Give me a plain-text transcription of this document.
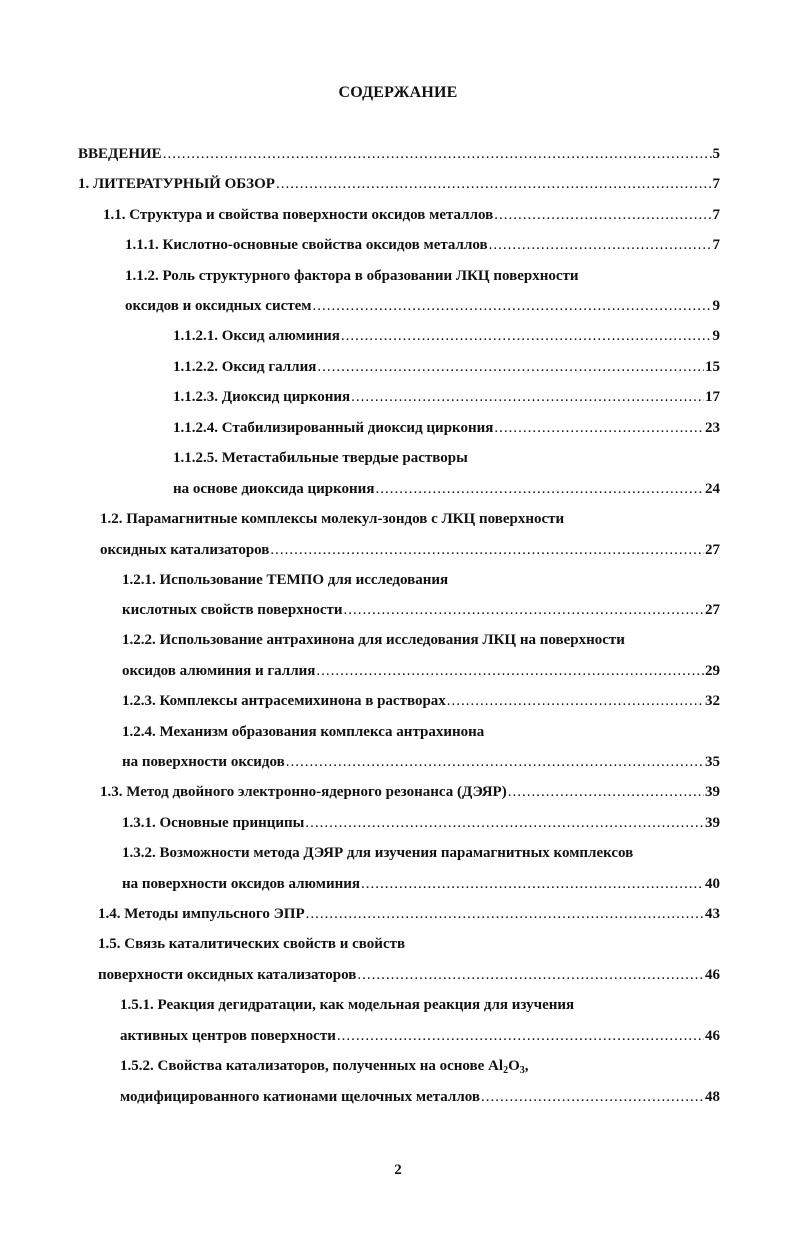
СОДЕРЖАНИЕ
ВВЕДЕНИЕ .....	5
1. ЛИТЕРАТУРНЫЙ ОБЗОР .....	7
1.1. Структура и свойства поверхности оксидов металлов .....	7
1.1.1. Кислотно-основные свойства оксидов металлов .....	7
1.1.2. Роль структурного фактора в образовании ЛКЦ поверхности
оксидов и оксидных систем .....	9
1.1.2.1. Оксид алюминия .....	9
1.1.2.2. Оксид галлия .....	15
1.1.2.3. Диоксид циркония .....	17
1.1.2.4. Стабилизированный диоксид циркония .....	23
1.1.2.5. Метастабильные твердые растворы
на основе диоксида циркония .....	24
1.2. Парамагнитные комплексы молекул-зондов с ЛКЦ поверхности
оксидных катализаторов .....	27
1.2.1. Использование ТЕМПО для исследования
кислотных свойств поверхности .....	27
1.2.2. Использование антрахинона для исследования ЛКЦ на поверхности
оксидов алюминия и галлия .....	29
1.2.3. Комплексы антрасемихинона в растворах .....	32
1.2.4. Механизм образования комплекса антрахинона
на поверхности оксидов .....	35
1.3. Метод двойного электронно-ядерного резонанса (ДЭЯР) .....	39
1.3.1. Основные принципы .....	39
1.3.2. Возможности метода ДЭЯР для изучения парамагнитных комплексов
на поверхности оксидов алюминия .....	40
1.4. Методы импульсного ЭПР .....	43
1.5. Связь каталитических свойств и свойств
поверхности оксидных катализаторов .....	46
1.5.1. Реакция дегидратации, как модельная реакция для изучения
активных центров поверхности .....	46
1.5.2. Свойства катализаторов, полученных на основе $Al_2O_3$,
модифицированного катионами щелочных металлов .....	48
2
